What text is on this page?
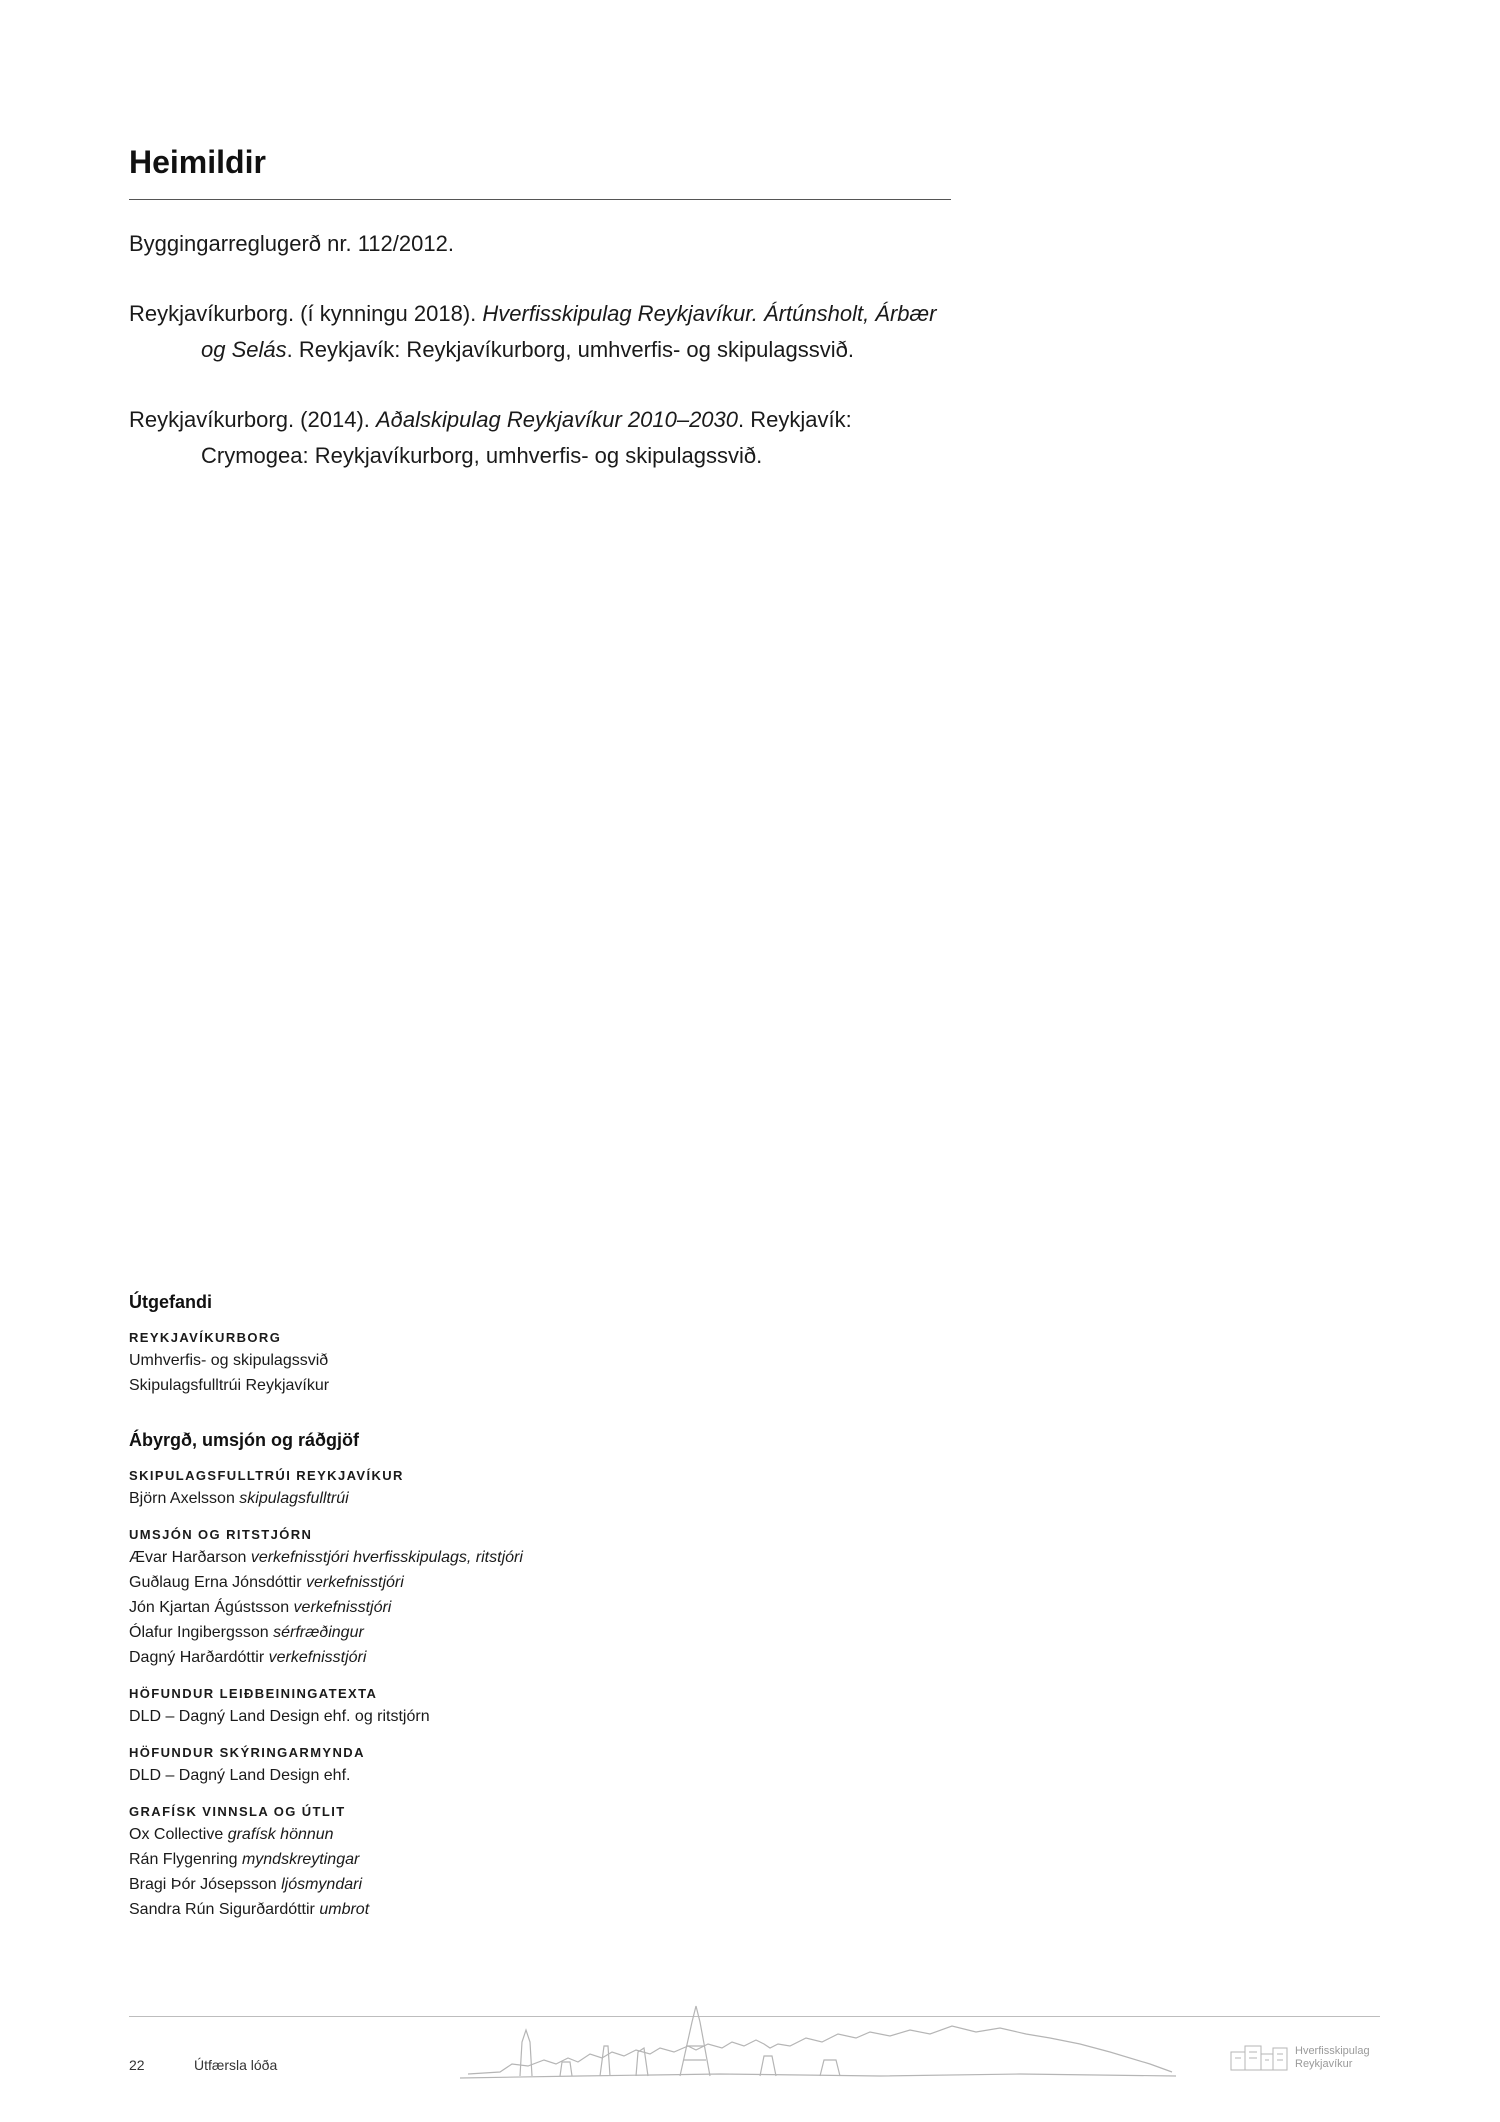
Heimildir
Byggingarreglugerð nr. 112/2012.
Reykjavíkurborg. (í kynningu 2018). Hverfisskipulag Reykjavíkur. Ártúnsholt, Árbær og Selás. Reykjavík: Reykjavíkurborg, umhverfis- og skipulagssvið.
Reykjavíkurborg. (2014). Aðalskipulag Reykjavíkur 2010–2030. Reykjavík: Crymogea: Reykjavíkurborg, umhverfis- og skipulagssvið.
Útgefandi
REYKJAVÍKURBORG
Umhverfis- og skipulagssvið
Skipulagsfulltrúi Reykjavíkur
Ábyrgð, umsjón og ráðgjöf
SKIPULAGSFULLTRÚI REYKJAVÍKUR
Björn Axelsson skipulagsfulltrúi
UMSJÓN OG RITSTJÓRN
Ævar Harðarson verkefnisstjóri hverfisskipulags, ritstjóri
Guðlaug Erna Jónsdóttir verkefnisstjóri
Jón Kjartan Ágústsson verkefnisstjóri
Ólafur Ingibergsson sérfræðingur
Dagný Harðardóttir verkefnisstjóri
HÖFUNDUR LEIÐBEININGATEXTA
DLD – Dagný Land Design ehf. og ritstjórn
HÖFUNDUR SKÝRINGARMYNDA
DLD – Dagný Land Design ehf.
GRAFÍSK VINNSLA OG ÚTLIT
Ox Collective grafísk hönnun
Rán Flygenring myndskreytingar
Bragi Þór Jósepsson ljósmyndari
Sandra Rún Sigurðardóttir umbrot
22	Útfærsla lóða
Hverfisskipulag
Reykjavíkur
